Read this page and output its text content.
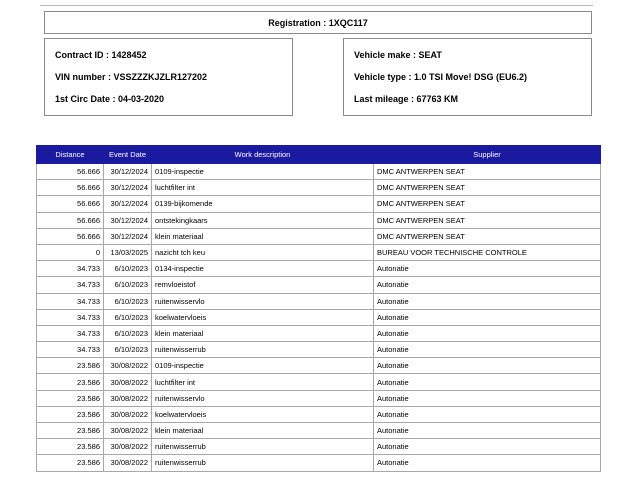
Registration : 1XQC117
Contract ID : 1428452
VIN number : VSSZZZKJZLR127202
1st Circ Date : 04-03-2020
Vehicle make : SEAT
Vehicle type : 1.0 TSI Move! DSG (EU6.2)
Last mileage : 67763 KM
Distance	Event Date	Work description	Supplier
56.666	30/12/2024	0109-inspectie	DMC ANTWERPEN SEAT
56.666	30/12/2024	luchtfilter int	DMC ANTWERPEN SEAT
56.666	30/12/2024	0139-bijkomende	DMC ANTWERPEN SEAT
56.666	30/12/2024	ontstekingkaars	DMC ANTWERPEN SEAT
56.666	30/12/2024	klein materiaal	DMC ANTWERPEN SEAT
0	13/03/2025	nazicht tch keu	BUREAU VOOR TECHNISCHE CONTROLE
34.733	6/10/2023	0134-inspectie	Autonatie
34.733	6/10/2023	remvloeistof	Autonatie
34.733	6/10/2023	ruitenwisservlo	Autonatie
34.733	6/10/2023	koelwatervloeis	Autonatie
34.733	6/10/2023	klein materiaal	Autonatie
34.733	6/10/2023	ruitenwisserrub	Autonatie
23.586	30/08/2022	0109-inspectie	Autonatie
23.586	30/08/2022	luchtfilter int	Autonatie
23.586	30/08/2022	ruitenwisservlo	Autonatie
23.586	30/08/2022	koelwatervloeis	Autonatie
23.586	30/08/2022	klein materiaal	Autonatie
23.586	30/08/2022	ruitenwisserrub	Autonatie
23.586	30/08/2022	ruitenwisserrub	Autonatie
